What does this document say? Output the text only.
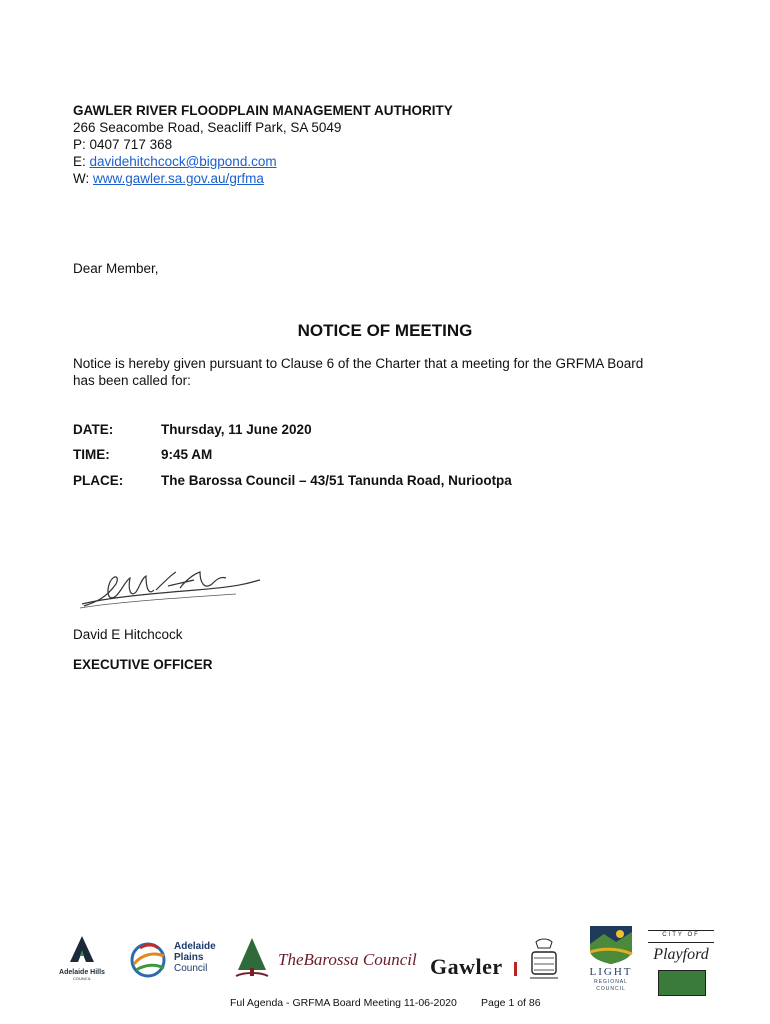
GAWLER RIVER FLOODPLAIN MANAGEMENT AUTHORITY
266 Seacombe Road, Seacliff Park, SA 5049
P: 0407 717 368
E: davidehitchcock@bigpond.com
W: www.gawler.sa.gov.au/grfma
Dear Member,
NOTICE OF MEETING
Notice is hereby given pursuant to Clause 6 of the Charter that a meeting for the GRFMA Board
has been called for:
DATE:	Thursday, 11 June 2020
TIME:	9:45 AM
PLACE:	The Barossa Council – 43/51 Tanunda Road, Nuriootpa
David E Hitchcock
EXECUTIVE OFFICER
Adelaide Hills
COUNCIL
Adelaide
Plains
Council	TheBarossa Council Gawler	LIGHT
REGIONAL
COUNCIL
CITY OF
Playford
Ful Agenda - GRFMA Board Meeting 11-06-2020 Page 1 of 86
